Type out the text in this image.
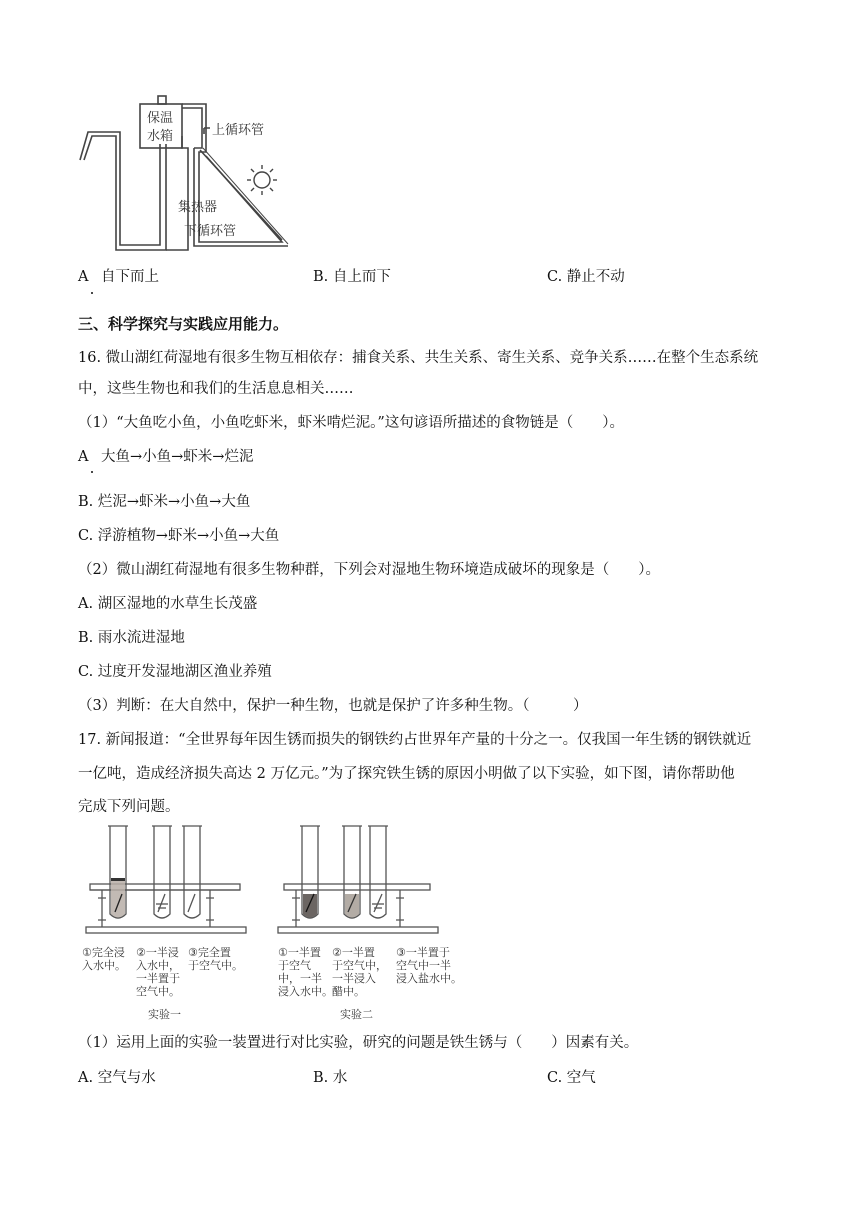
保温
水箱	上循环管
集热器
下循环管
A 自下而上	B. 自上而下	C. 静止不动
三、科学探究与实践应用能力。
16. 微山湖红荷湿地有很多生物互相依存：捕食关系、共生关系、寄生关系、竞争关系……在整个生态系统
中，这些生物也和我们的生活息息相关……
（1）“大鱼吃小鱼，小鱼吃虾米，虾米啃烂泥。”这句谚语所描述的食物链是（　　）。
A 大鱼→小鱼→虾米→烂泥
B. 烂泥→虾米→小鱼→大鱼
C. 浮游植物→虾米→小鱼→大鱼
（2）微山湖红荷湿地有很多生物种群，下列会对湿地生物环境造成破坏的现象是（　　）。
A. 湖区湿地的水草生长茂盛
B. 雨水流进湿地
C. 过度开发湿地湖区渔业养殖
（3）判断：在大自然中，保护一种生物，也就是保护了许多种生物。（　　　）
17. 新闻报道：“全世界每年因生锈而损失的钢铁约占世界年产量的十分之一。仅我国一年生锈的钢铁就近
一亿吨，造成经济损失高达 2 万亿元。”为了探究铁生锈的原因小明做了以下实验，如下图，请你帮助他
完成下列问题。
①完全浸
入水中。
②一半浸
入水中，
一半置于
空气中。
③完全置
于空气中。
实验一
①一半置
于空气
中，一半
浸入水中。
②一半置
于空气中，
一半浸入
醋中。
③一半置于
空气中一半
浸入盐水中。
实验二
（1）运用上面的实验一装置进行对比实验，研究的问题是铁生锈与（　　）因素有关。
A. 空气与水	B. 水	C. 空气
